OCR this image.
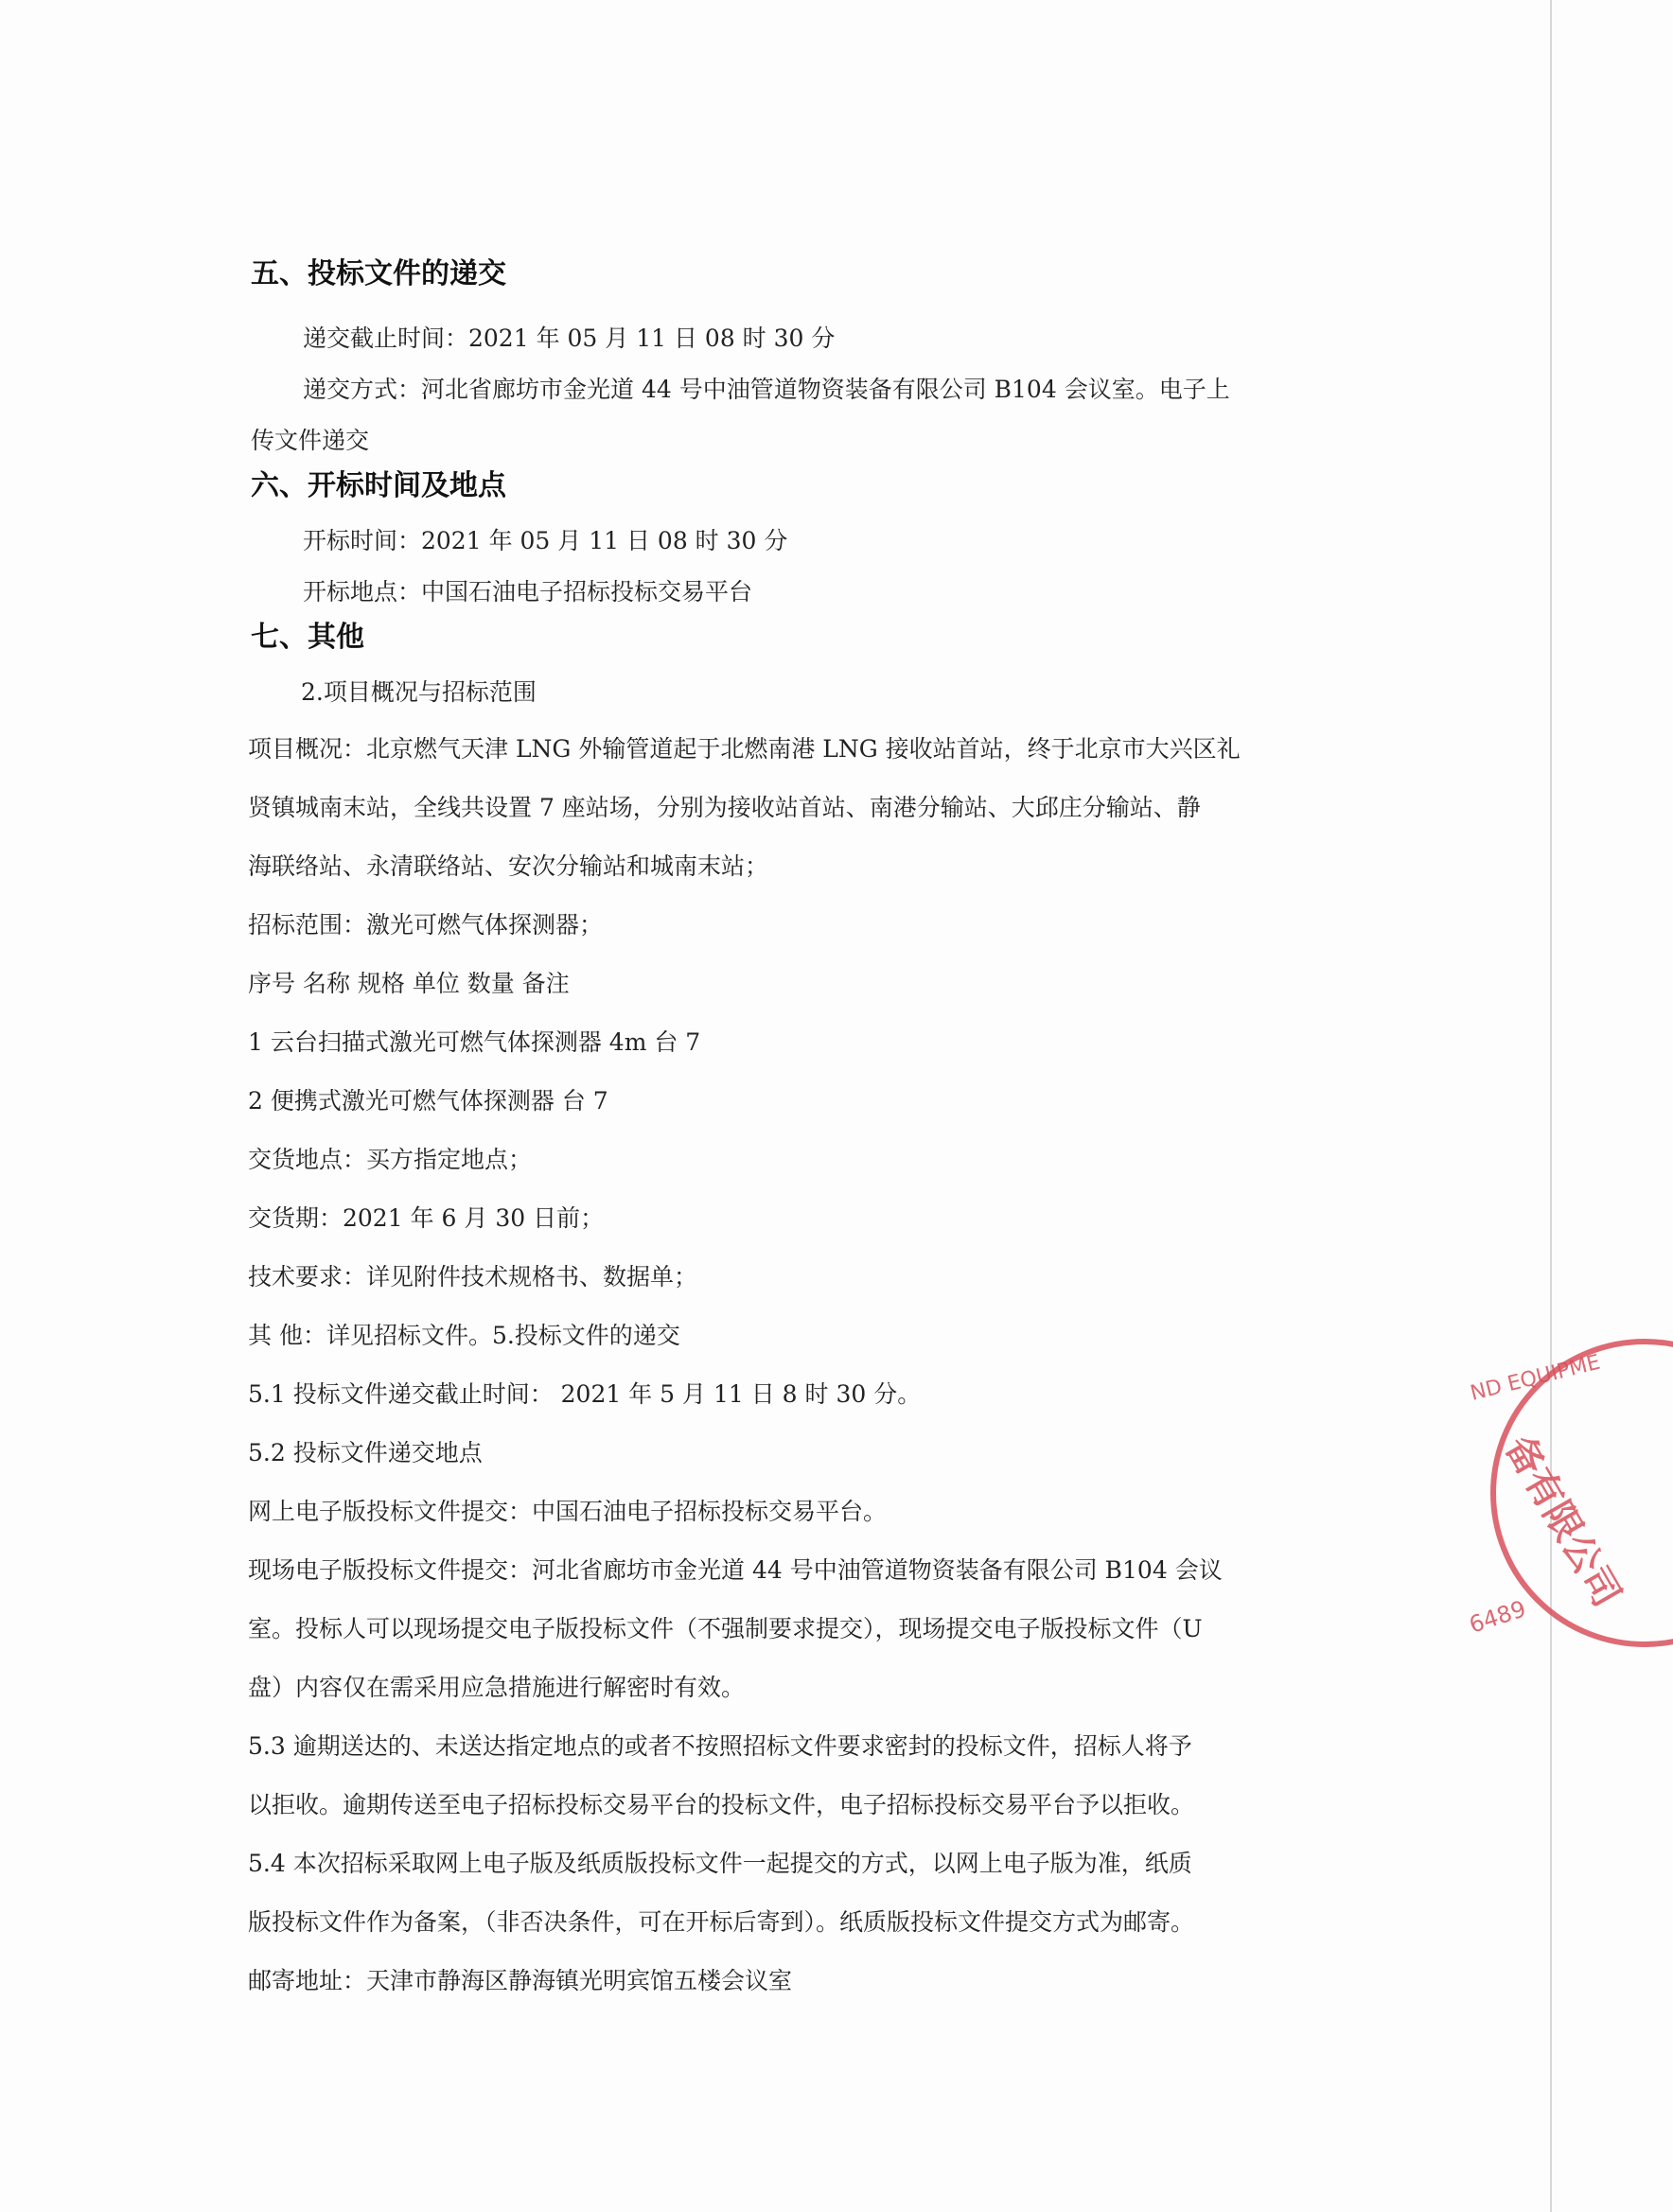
五、投标文件的递交
递交截止时间：2021 年 05 月 11 日 08 时 30 分
递交方式：河北省廊坊市金光道 44 号中油管道物资装备有限公司 B104 会议室。电子上
传文件递交
六、开标时间及地点
开标时间：2021 年 05 月 11 日 08 时 30 分
开标地点：中国石油电子招标投标交易平台
七、其他
2.项目概况与招标范围
项目概况：北京燃气天津 LNG 外输管道起于北燃南港 LNG 接收站首站，终于北京市大兴区礼
贤镇城南末站，全线共设置 7 座站场，分别为接收站首站、南港分输站、大邱庄分输站、静
海联络站、永清联络站、安次分输站和城南末站；
招标范围：激光可燃气体探测器；
序号 名称 规格 单位 数量 备注
1 云台扫描式激光可燃气体探测器 4m 台 7
2 便携式激光可燃气体探测器 台 7
交货地点：买方指定地点；
交货期：2021 年 6 月 30 日前；
技术要求：详见附件技术规格书、数据单；
其 他：详见招标文件。5.投标文件的递交
5.1 投标文件递交截止时间： 2021 年 5 月 11 日 8 时 30 分。
5.2 投标文件递交地点
网上电子版投标文件提交：中国石油电子招标投标交易平台。
现场电子版投标文件提交：河北省廊坊市金光道 44 号中油管道物资装备有限公司 B104 会议
室。投标人可以现场提交电子版投标文件（不强制要求提交），现场提交电子版投标文件（U
盘）内容仅在需采用应急措施进行解密时有效。
5.3 逾期送达的、未送达指定地点的或者不按照招标文件要求密封的投标文件，招标人将予
以拒收。逾期传送至电子招标投标交易平台的投标文件，电子招标投标交易平台予以拒收。
5.4 本次招标采取网上电子版及纸质版投标文件一起提交的方式，以网上电子版为准，纸质
版投标文件作为备案，（非否决条件，可在开标后寄到）。纸质版投标文件提交方式为邮寄。
邮寄地址：天津市静海区静海镇光明宾馆五楼会议室
ND EQUIPME
备有限公司
6489
